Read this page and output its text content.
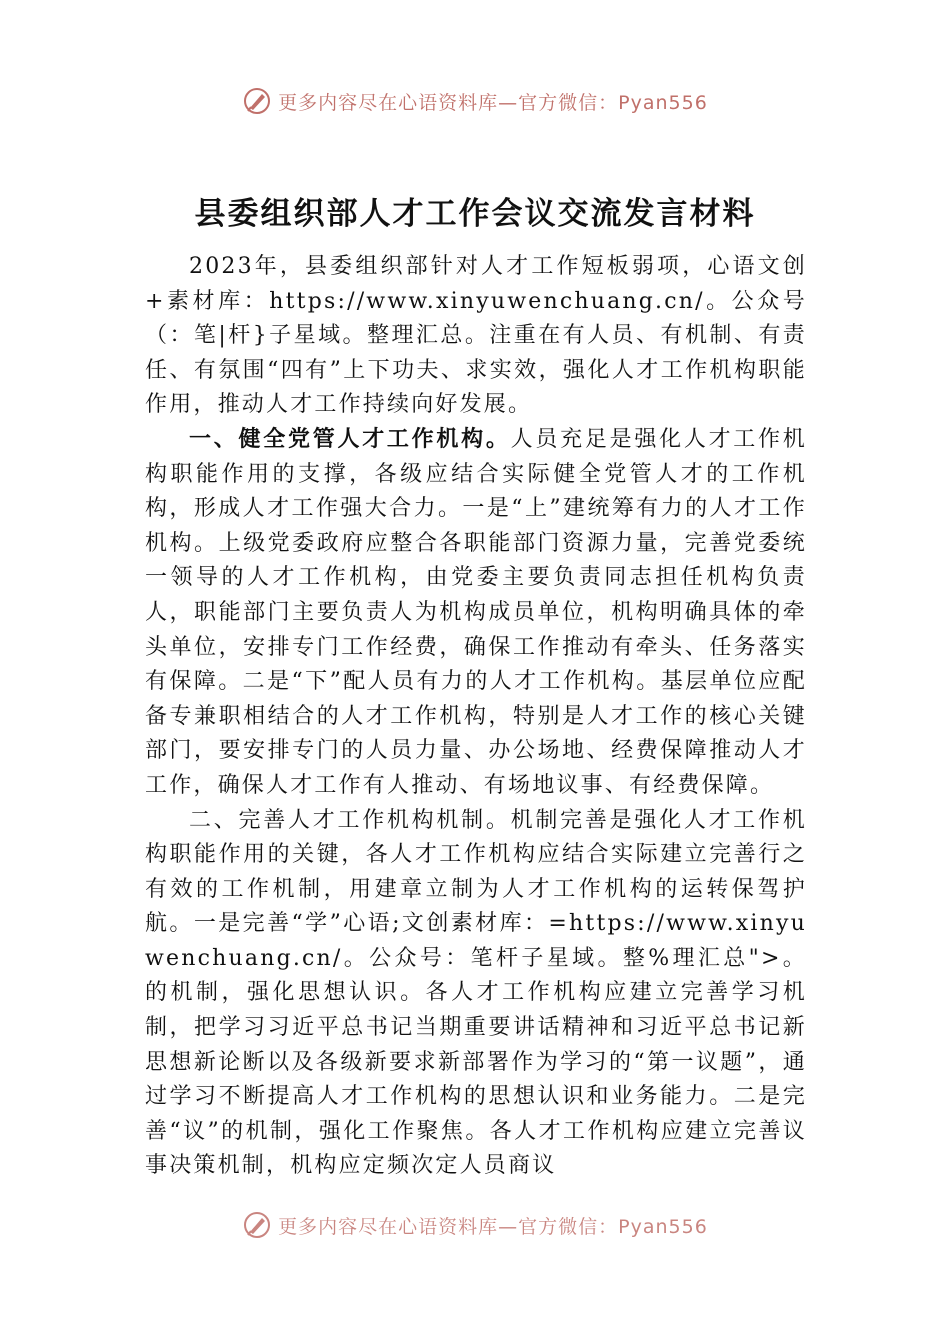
更多内容尽在心语资料库—官方微信：Pyan556
县委组织部人才工作会议交流发言材料

2023年，县委组织部针对人才工作短板弱项，心语文创+素材库：https://www.xinyuwenchuang.cn/。公众号（：笔|杆}子星域。整理汇总。注重在有人员、有机制、有责任、有氛围“四有”上下功夫、求实效，强化人才工作机构职能作用，推动人才工作持续向好发展。

一、健全党管人才工作机构。人员充足是强化人才工作机构职能作用的支撑，各级应结合实际健全党管人才的工作机构，形成人才工作强大合力。一是“上”建统筹有力的人才工作机构。上级党委政府应整合各职能部门资源力量，完善党委统一领导的人才工作机构，由党委主要负责同志担任机构负责人，职能部门主要负责人为机构成员单位，机构明确具体的牵头单位，安排专门工作经费，确保工作推动有牵头、任务落实有保障。二是“下”配人员有力的人才工作机构。基层单位应配备专兼职相结合的人才工作机构，特别是人才工作的核心关键部门，要安排专门的人员力量、办公场地、经费保障推动人才工作，确保人才工作有人推动、有场地议事、有经费保障。

二、完善人才工作机构机制。机制完善是强化人才工作机构职能作用的关键，各人才工作机构应结合实际建立完善行之有效的工作机制，用建章立制为人才工作机构的运转保驾护航。一是完善“学”心语;文创素材库：=https://www.xinyuwenchuang.cn/。公众号：笔杆子星域。整%理汇总">。的机制，强化思想认识。各人才工作机构应建立完善学习机制，把学习习近平总书记当期重要讲话精神和习近平总书记新思想新论断以及各级新要求新部署作为学习的“第一议题”，通过学习不断提高人才工作机构的思想认识和业务能力。二是完善“议”的机制，强化工作聚焦。各人才工作机构应建立完善议事决策机制，机构应定频次定人员商议

更多内容尽在心语资料库—官方微信：Pyan556
